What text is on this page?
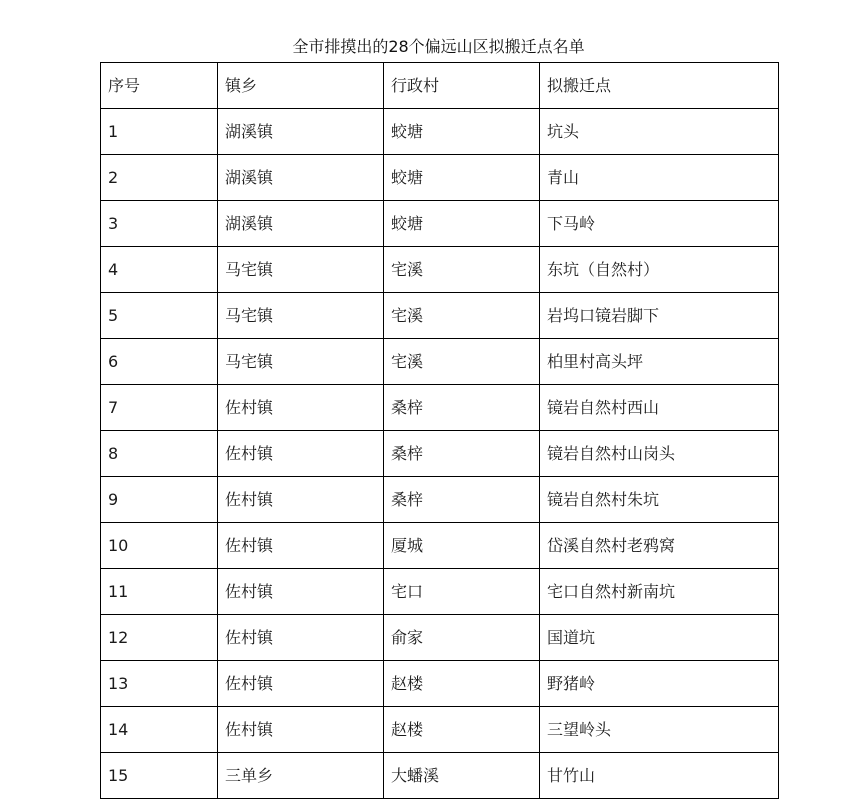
全市排摸出的28个偏远山区拟搬迁点名单
序号	镇乡	行政村	拟搬迁点
1	湖溪镇	蛟塘	坑头
2	湖溪镇	蛟塘	青山
3	湖溪镇	蛟塘	下马岭
4	马宅镇	宅溪	东坑（自然村）
5	马宅镇	宅溪	岩坞口镜岩脚下
6	马宅镇	宅溪	柏里村高头坪
7	佐村镇	桑梓	镜岩自然村西山
8	佐村镇	桑梓	镜岩自然村山岗头
9	佐村镇	桑梓	镜岩自然村朱坑
10	佐村镇	厦城	岱溪自然村老鸦窝
11	佐村镇	宅口	宅口自然村新南坑
12	佐村镇	俞家	国道坑
13	佐村镇	赵楼	野猪岭
14	佐村镇	赵楼	三望岭头
15	三单乡	大蟠溪	甘竹山
